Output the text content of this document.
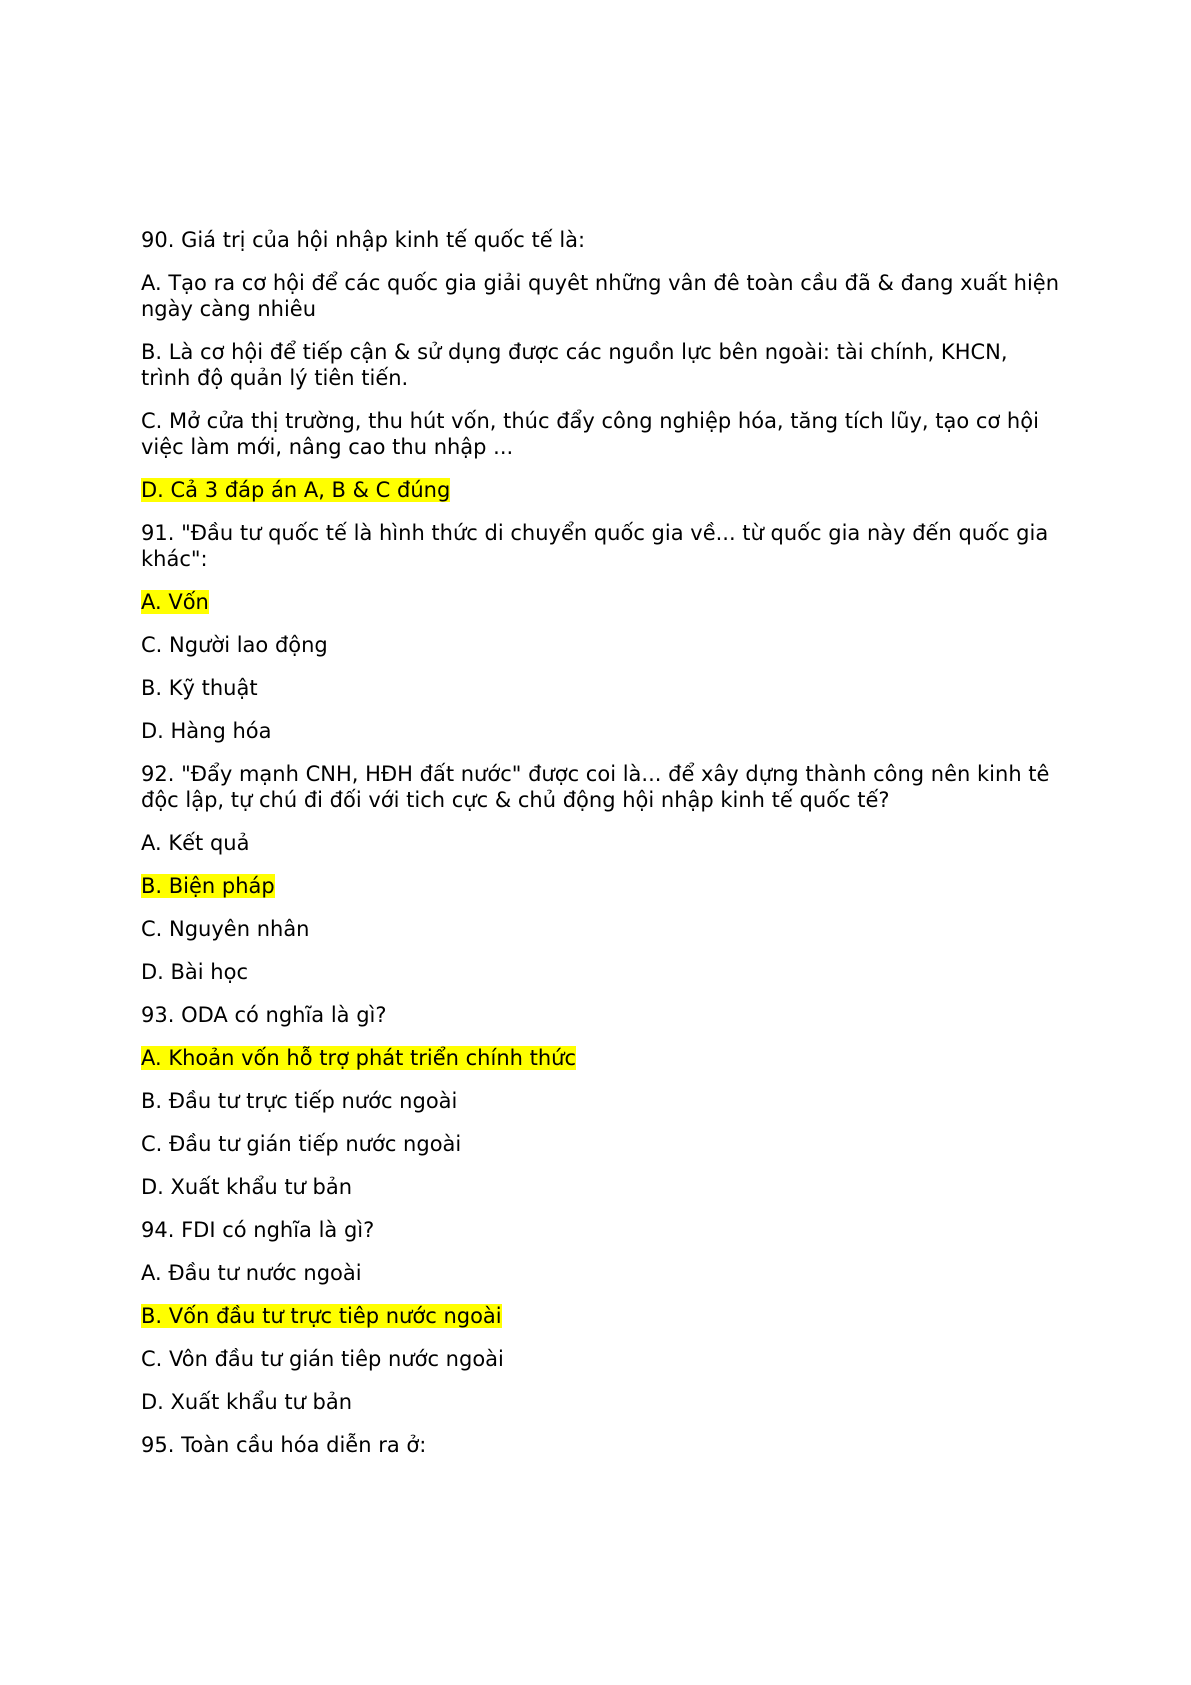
90. Giá trị của hội nhập kinh tế quốc tế là:

A. Tạo ra cơ hội để các quốc gia giải quyêt những vân đê toàn cầu đã & đang xuất hiện ngày càng nhiêu

B. Là cơ hội để tiếp cận & sử dụng được các nguồn lực bên ngoài: tài chính, KHCN, trình độ quản lý tiên tiến.

C. Mở cửa thị trường, thu hút vốn, thúc đẩy công nghiệp hóa, tăng tích lũy, tạo cơ hội việc làm mới, nâng cao thu nhập ...

D. Cả 3 đáp án A, B & C đúng

91. "Đầu tư quốc tế là hình thức di chuyển quốc gia về... từ quốc gia này đến quốc gia khác":

A. Vốn

C. Người lao động

B. Kỹ thuật

D. Hàng hóa

92. "Đẩy mạnh CNH, HĐH đất nước" được coi là... để xây dựng thành công nên kinh tê độc lập, tự chú đi đối với tich cực & chủ động hội nhập kinh tế quốc tế?

A. Kết quả

B. Biện pháp

C. Nguyên nhân

D. Bài học

93. ODA có nghĩa là gì?

A. Khoản vốn hỗ trợ phát triển chính thức

B. Đầu tư trực tiếp nước ngoài

C. Đầu tư gián tiếp nước ngoài

D. Xuất khẩu tư bản

94. FDI có nghĩa là gì?

A. Đầu tư nước ngoài

B. Vốn đầu tư trực tiêp nước ngoài

C. Vôn đầu tư gián tiêp nước ngoài

D. Xuất khẩu tư bản

95. Toàn cầu hóa diễn ra ở:
